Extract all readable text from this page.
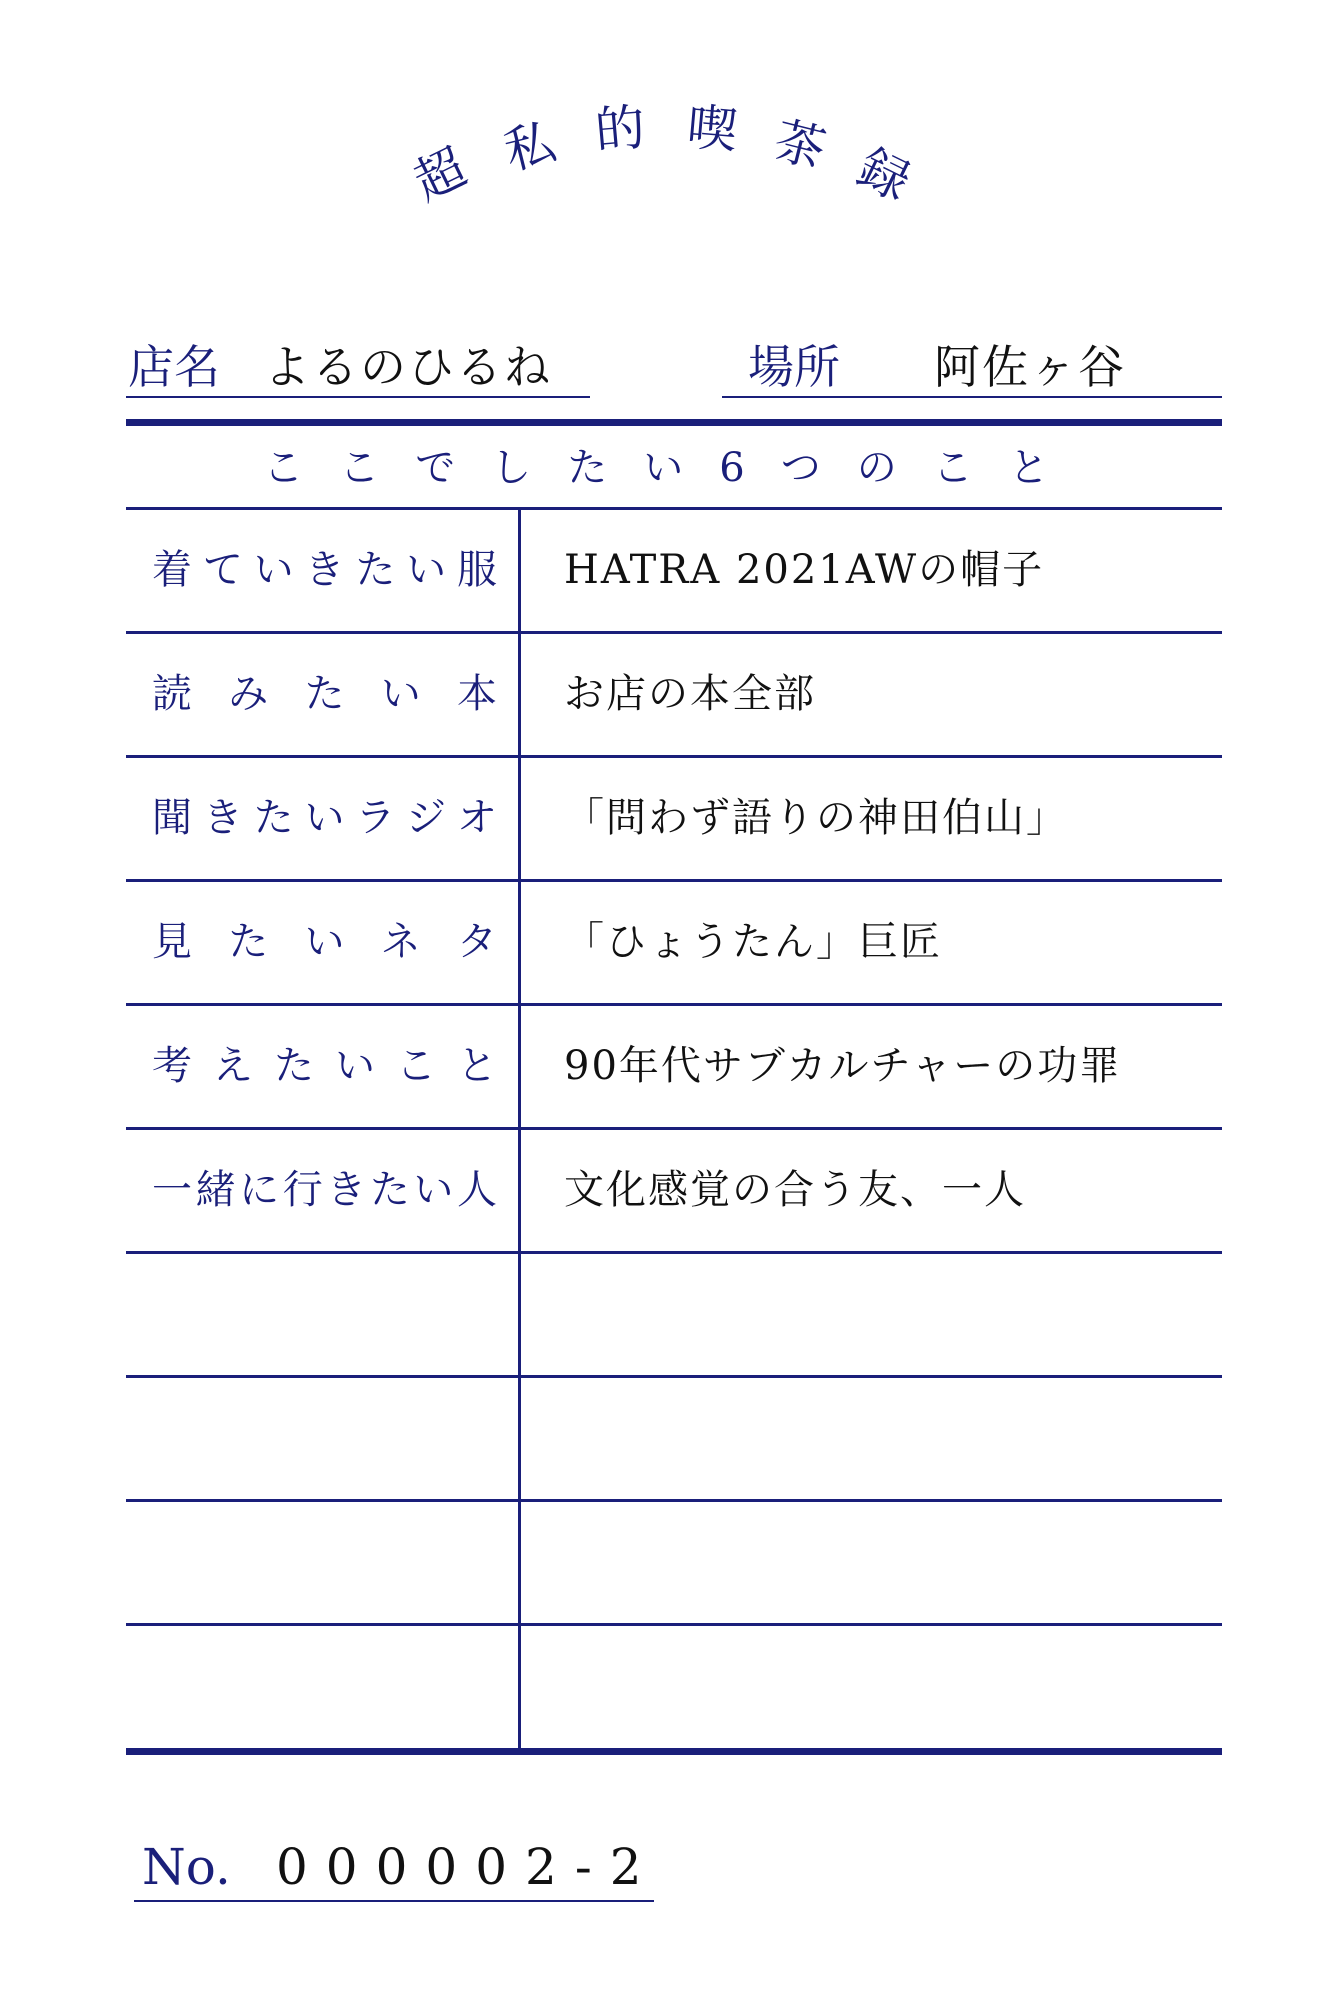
超 私 的 喫 茶 録
店名 よるのひるね	場所 阿佐ヶ谷
ここでしたい6つのこと
着 て い き た い 服 HATRA 2021AWの帽子
読 み た い 本 お店の本全部
聞 き た い ラ ジ オ 「問わず語りの神田伯山」
見 た い ネ タ 「ひょうたん」巨匠
考 え た い こ と 90年代サブカルチャーの功罪
一 緒 に 行 き た い 人 文化感覚の合う友、一人
No. 000002-2
